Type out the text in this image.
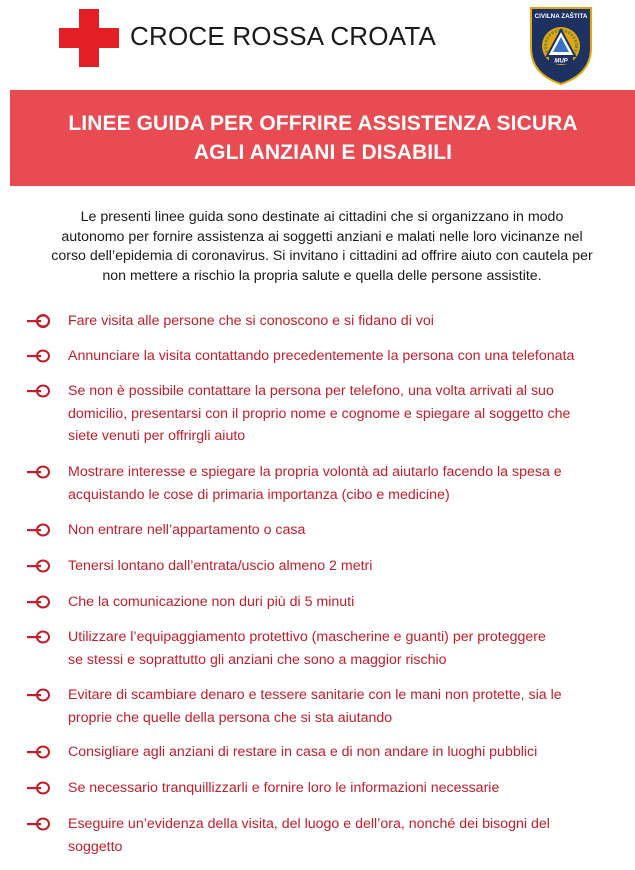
CROCE ROSSA CROATA
CIVILNA ZAŠTITA
MUP
LINEE GUIDA PER OFFRIRE ASSISTENZA SICURA
AGLI ANZIANI E DISABILI
Le presenti linee guida sono destinate ai cittadini che si organizzano in modo
autonomo per fornire assistenza ai soggetti anziani e malati nelle loro vicinanze nel
corso dell’epidemia di coronavirus. Si invitano i cittadini ad offrire aiuto con cautela per
non mettere a rischio la propria salute e quella delle persone assistite.
Fare visita alle persone che si conoscono e si fidano di voi
Annunciare la visita contattando precedentemente la persona con una telefonata
Se non è possibile contattare la persona per telefono, una volta arrivati al suo
domicilio, presentarsi con il proprio nome e cognome e spiegare al soggetto che
siete venuti per offrirgli aiuto
Mostrare interesse e spiegare la propria volontà ad aiutarlo facendo la spesa e
acquistando le cose di primaria importanza (cibo e medicine)
Non entrare nell’appartamento o casa
Tenersi lontano dall’entrata/uscio almeno 2 metri
Che la comunicazione non duri più di 5 minuti
Utilizzare l’equipaggiamento protettivo (mascherine e guanti) per proteggere
se stessi e soprattutto gli anziani che sono a maggior rischio
Evitare di scambiare denaro e tessere sanitarie con le mani non protette, sia le
proprie che quelle della persona che si sta aiutando
Consigliare agli anziani di restare in casa e di non andare in luoghi pubblici
Se necessario tranquillizzarli e fornire loro le informazioni necessarie
Eseguire un’evidenza della visita, del luogo e dell’ora, nonché dei bisogni del
soggetto
